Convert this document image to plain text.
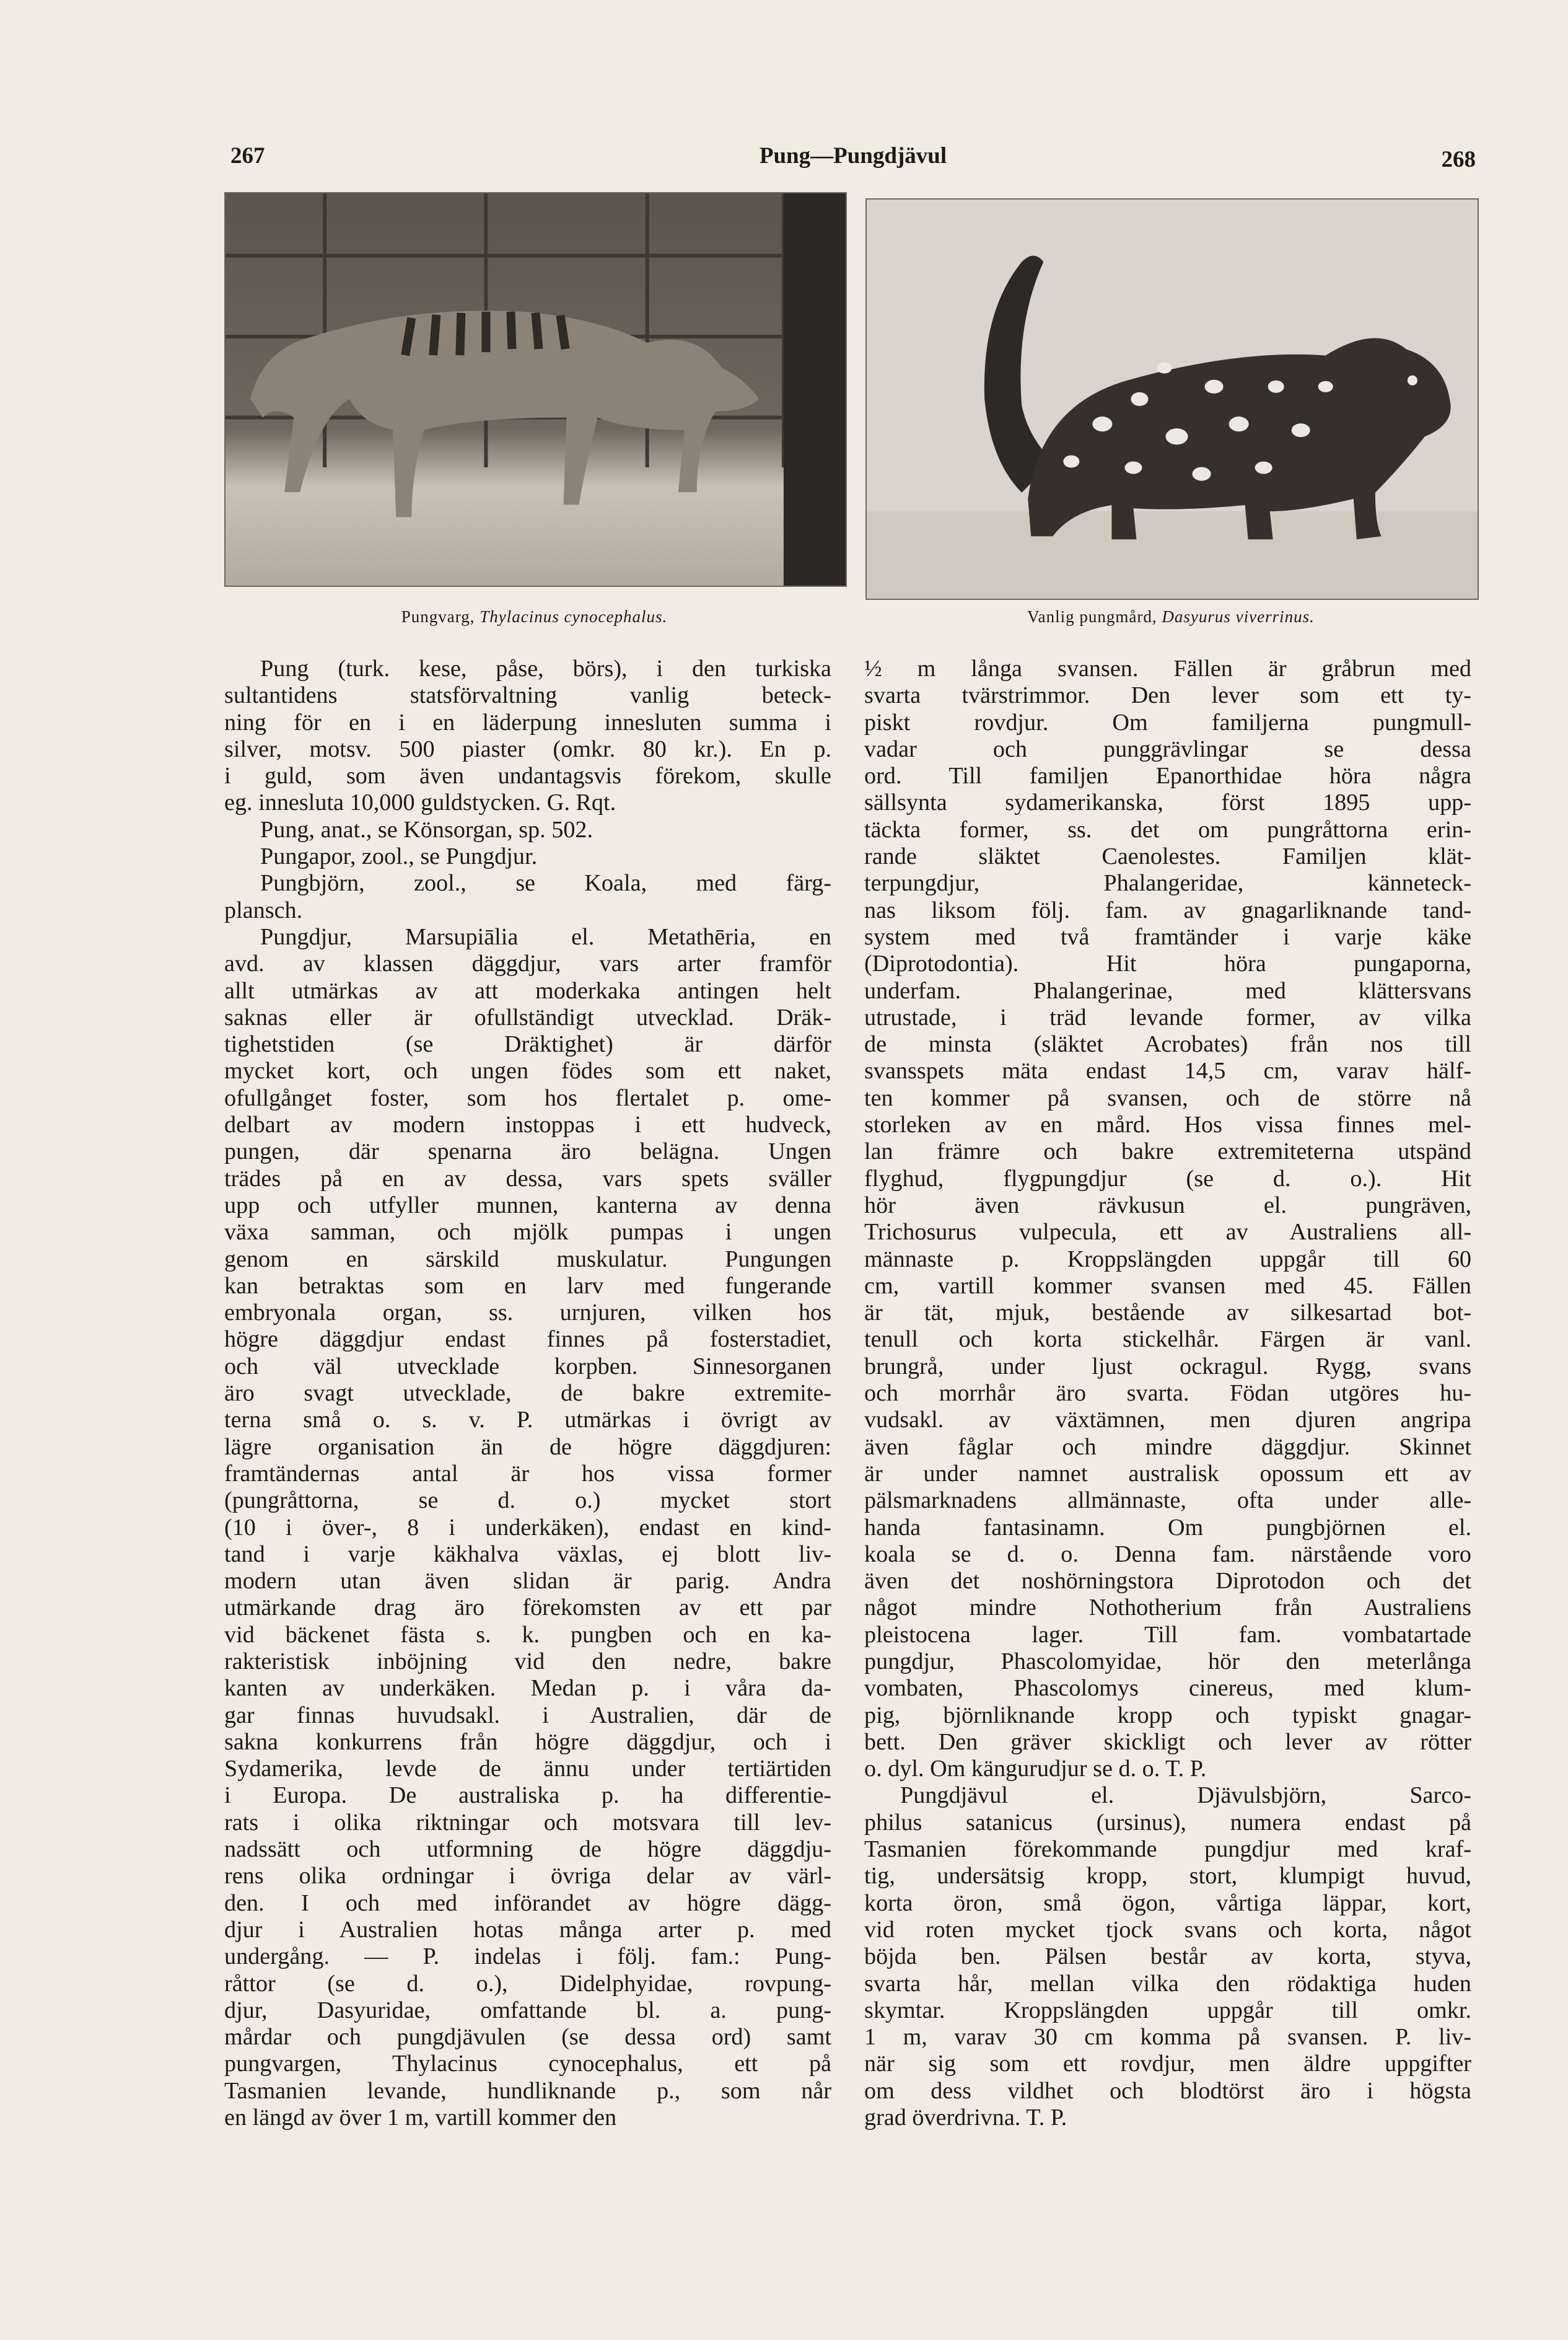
267	Pung—Pungdjävul	268
Pungvarg, Thylacinus cynocephalus.	Vanlig pungmård, Dasyurus viverrinus.
Pung (turk. kese, påse, börs), i den turkiska
sultantidens statsförvaltning vanlig beteck-
ning för en i en läderpung innesluten summa i
silver, motsv. 500 piaster (omkr. 80 kr.). En p.
i guld, som även undantagsvis förekom, skulle
eg. innesluta 10,000 guldstycken. G. Rqt.
Pung, anat., se Könsorgan, sp. 502.
Pungapor, zool., se Pungdjur.
Pungbjörn, zool., se Koala, med färg-
plansch.
Pungdjur, Marsupiālia el. Metathēria, en
avd. av klassen däggdjur, vars arter framför
allt utmärkas av att moderkaka antingen helt
saknas eller är ofullständigt utvecklad. Dräk-
tighetstiden (se Dräktighet) är därför
mycket kort, och ungen födes som ett naket,
ofullgånget foster, som hos flertalet p. ome-
delbart av modern instoppas i ett hudveck,
pungen, där spenarna äro belägna. Ungen
trädes på en av dessa, vars spets sväller
upp och utfyller munnen, kanterna av denna
växa samman, och mjölk pumpas i ungen
genom en särskild muskulatur. Pungungen
kan betraktas som en larv med fungerande
embryonala organ, ss. urnjuren, vilken hos
högre däggdjur endast finnes på fosterstadiet,
och väl utvecklade korpben. Sinnesorganen
äro svagt utvecklade, de bakre extremite-
terna små o. s. v. P. utmärkas i övrigt av
lägre organisation än de högre däggdjuren:
framtändernas antal är hos vissa former
(pungråttorna, se d. o.) mycket stort
(10 i över-, 8 i underkäken), endast en kind-
tand i varje käkhalva växlas, ej blott liv-
modern utan även slidan är parig. Andra
utmärkande drag äro förekomsten av ett par
vid bäckenet fästa s. k. pungben och en ka-
rakteristisk inböjning vid den nedre, bakre
kanten av underkäken. Medan p. i våra da-
gar finnas huvudsakl. i Australien, där de
sakna konkurrens från högre däggdjur, och i
Sydamerika, levde de ännu under tertiärtiden
i Europa. De australiska p. ha differentie-
rats i olika riktningar och motsvara till lev-
nadssätt och utformning de högre däggdju-
rens olika ordningar i övriga delar av värl-
den. I och med införandet av högre dägg-
djur i Australien hotas många arter p. med
undergång. — P. indelas i följ. fam.: Pung-
råttor (se d. o.), Didelphyidae, rovpung-
djur, Dasyuridae, omfattande bl. a. pung-
mårdar och pungdjävulen (se dessa ord) samt
pungvargen, Thylacinus cynocephalus, ett på
Tasmanien levande, hundliknande p., som når
en längd av över 1 m, vartill kommer den
½ m långa svansen. Fällen är gråbrun med
svarta tvärstrimmor. Den lever som ett ty-
piskt rovdjur. Om familjerna pungmull-
vadar och punggrävlingar se dessa
ord. Till familjen Epanorthidae höra några
sällsynta sydamerikanska, först 1895 upp-
täckta former, ss. det om pungråttorna erin-
rande släktet Caenolestes. Familjen klät-
terpungdjur, Phalangeridae, känneteck-
nas liksom följ. fam. av gnagarliknande tand-
system med två framtänder i varje käke
(Diprotodontia). Hit höra pungaporna,
underfam. Phalangerinae, med klättersvans
utrustade, i träd levande former, av vilka
de minsta (släktet Acrobates) från nos till
svansspets mäta endast 14,5 cm, varav hälf-
ten kommer på svansen, och de större nå
storleken av en mård. Hos vissa finnes mel-
lan främre och bakre extremiteterna utspänd
flyghud, flygpungdjur (se d. o.). Hit
hör även rävkusun el. pungräven,
Trichosurus vulpecula, ett av Australiens all-
männaste p. Kroppslängden uppgår till 60
cm, vartill kommer svansen med 45. Fällen
är tät, mjuk, bestående av silkesartad bot-
tenull och korta stickelhår. Färgen är vanl.
brungrå, under ljust ockragul. Rygg, svans
och morrhår äro svarta. Födan utgöres hu-
vudsakl. av växtämnen, men djuren angripa
även fåglar och mindre däggdjur. Skinnet
är under namnet australisk opossum ett av
pälsmarknadens allmännaste, ofta under alle-
handa fantasinamn. Om pungbjörnen el.
koala se d. o. Denna fam. närstående voro
även det noshörningstora Diprotodon och det
något mindre Nothotherium från Australiens
pleistocena lager. Till fam. vombatartade
pungdjur, Phascolomyidae, hör den meterlånga
vombaten, Phascolomys cinereus, med klum-
pig, björnliknande kropp och typiskt gnagar-
bett. Den gräver skickligt och lever av rötter
o. dyl. Om kängurudjur se d. o. T. P.
Pungdjävul el. Djävulsbjörn, Sarco-
philus satanicus (ursinus), numera endast på
Tasmanien förekommande pungdjur med kraf-
tig, undersätsig kropp, stort, klumpigt huvud,
korta öron, små ögon, vårtiga läppar, kort,
vid roten mycket tjock svans och korta, något
böjda ben. Pälsen består av korta, styva,
svarta hår, mellan vilka den rödaktiga huden
skymtar. Kroppslängden uppgår till omkr.
1 m, varav 30 cm komma på svansen. P. liv-
när sig som ett rovdjur, men äldre uppgifter
om dess vildhet och blodtörst äro i högsta
grad överdrivna. T. P.
